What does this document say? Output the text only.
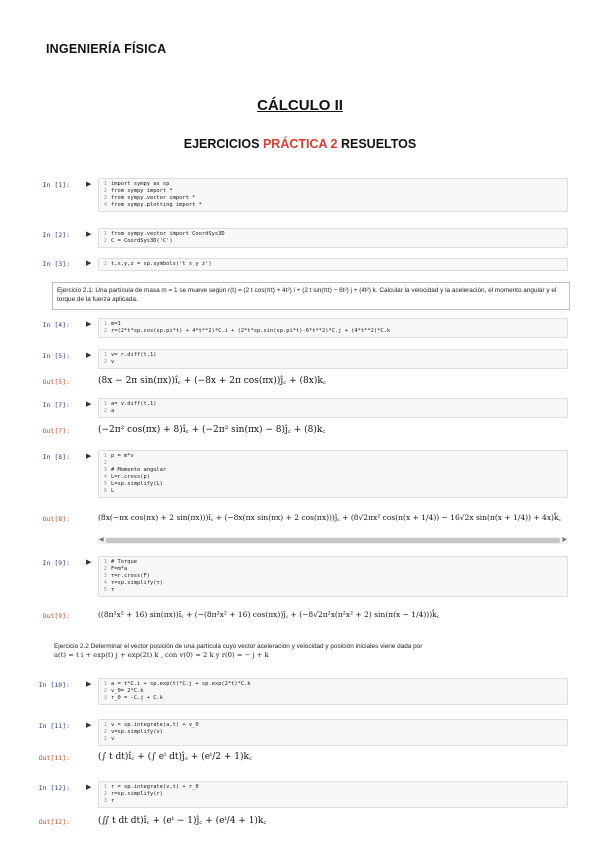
INGENIERÍA FÍSICA
CÁLCULO II
EJERCICIOS PRÁCTICA 2 RESUELTOS
In [1]: ▶	1 import sympy as sp
2 from sympy import *
3 from sympy.vector import *
4 from sympy.plotting import *
In [2]: ▶	1 from sympy.vector import CoordSys3D
2 C = CoordSys3D('C')
In [3]: ▶	1 t,x,y,z = sp.symbols('t x y z')
Ejercicio 2.1: Una partícula de masa m = 1 se mueve según r(t) = (2 t cos(πt) + 4t²) i + (2 t sin(πt) − 6t²) j + (4t²) k. Calcular la velocidad y la aceleración, el momento angular y el torque de la fuerza aplicada.
In [4]: ▶	1 m=1
2 r=(2*t*sp.cos(sp.pi*t) + 4*t**2)*C.i + (2*t*sp.sin(sp.pi*t)-6*t**2)*C.j + (4*t**2)*C.k
In [5]: ▶	1 v= r.diff(t,1)
2 v
Out[5]:	(8x − 2π sin(πx))î꜀ + (−8x + 2π cos(πx))ĵ꜀ + (8x)k̂꜀
In [7]: ▶	1 a= v.diff(t,1)
2 a
Out[7]:	(−2π² cos(πx) + 8)î꜀ + (−2π² sin(πx) − 8)ĵ꜀ + (8)k̂꜀
In [8]: ▶	1 p = m*v
2
3 # Momento angular
4 L=r.cross(p)
5 L=sp.simplify(L)
6 L
Out[8]:	(8x(−πx cos(πx) + 2 sin(πx)))î꜀ + (−8x(πx sin(πx) + 2 cos(πx)))ĵ꜀ + (8√2πx² cos(π(x + 1/4)) − 16√2x sin(π(x + 1/4)) + 4x)k̂꜀
◀	▶
In [9]: ▶	1 # Torque
2 F=m*a
3 τ=r.cross(F)
4 τ=sp.simplify(τ)
5 τ
Out[9]:	((8π²x² + 16) sin(πx))î꜀ + (−(8π²x² + 16) cos(πx))ĵ꜀ + (−8√2π²x(π²x² + 2) sin(π(x − 1/4)))k̂꜀
Ejercicio 2.2 Determinar el vector posición de una partícula cuyo vector aceleración y velocidad y posición iniciales viene dada por
a(t) = t i + exp(t) j + exp(2t) k , con v(0) = 2 k y r(0) = − j + k
In [10]: ▶	1 a = t*C.i + sp.exp(t)*C.j + sp.exp(2*t)*C.k
2 v_0= 2*C.k
3 r_0 = -C.j + C.k
In [11]: ▶	1 v = sp.integrate(a,t) + v_0
2 v=sp.simplify(v)
3 v
Out[11]:	(∫ t dt)î꜀ + (∫ eᵗ dt)ĵ꜀ + (eᵗ/2 + 1)k̂꜀
In [12]: ▶	1 r = sp.integrate(v,t) + r_0
2 r=sp.simplify(r)
3 r
Out[12]:	(∬ t dt dt)î꜀ + (eᵗ − 1)ĵ꜀ + (eᵗ/4 + 1)k̂꜀
